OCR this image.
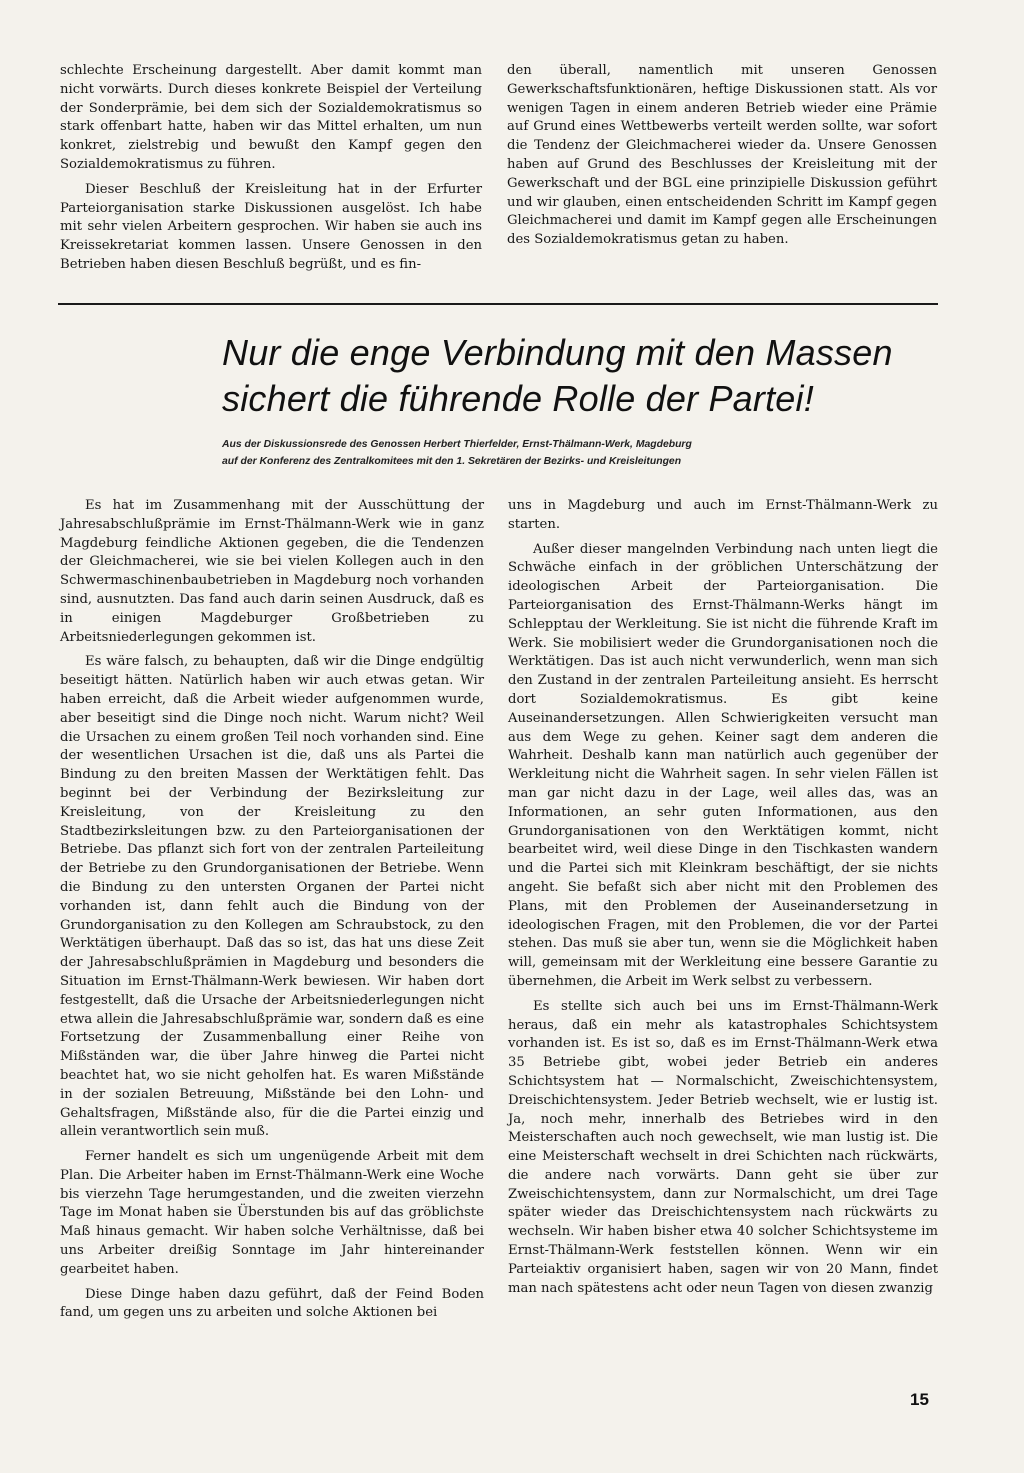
schlechte Erscheinung dargestellt. Aber damit kommt man nicht vorwärts. Durch dieses konkrete Beispiel der Verteilung der Sonderprämie, bei dem sich der Sozialdemokratismus so stark offenbart hatte, haben wir das Mittel erhalten, um nun konkret, zielstrebig und bewußt den Kampf gegen den Sozialdemokratismus zu führen.

Dieser Beschluß der Kreisleitung hat in der Erfurter Parteiorganisation starke Diskussionen ausgelöst. Ich habe mit sehr vielen Arbeitern gesprochen. Wir haben sie auch ins Kreissekretariat kommen lassen. Unsere Genossen in den Betrieben haben diesen Beschluß begrüßt, und es fin-

den überall, namentlich mit unseren Genossen Gewerkschaftsfunktionären, heftige Diskussionen statt. Als vor wenigen Tagen in einem anderen Betrieb wieder eine Prämie auf Grund eines Wettbewerbs verteilt werden sollte, war sofort die Tendenz der Gleichmacherei wieder da. Unsere Genossen haben auf Grund des Beschlusses der Kreisleitung mit der Gewerkschaft und der BGL eine prinzipielle Diskussion geführt und wir glauben, einen entscheidenden Schritt im Kampf gegen Gleichmacherei und damit im Kampf gegen alle Erscheinungen des Sozialdemokratismus getan zu haben.

Nur die enge Verbindung mit den Massen
sichert die führende Rolle der Partei!
Aus der Diskussionsrede des Genossen Herbert Thierfelder, Ernst-Thälmann-Werk, Magdeburg
auf der Konferenz des Zentralkomitees mit den 1. Sekretären der Bezirks- und Kreisleitungen

Es hat im Zusammenhang mit der Ausschüttung der Jahresabschlußprämie im Ernst-Thälmann-Werk wie in ganz Magdeburg feindliche Aktionen gegeben, die die Tendenzen der Gleichmacherei, wie sie bei vielen Kollegen auch in den Schwermaschinenbaubetrieben in Magdeburg noch vorhanden sind, ausnutzten. Das fand auch darin seinen Ausdruck, daß es in einigen Magdeburger Großbetrieben zu Arbeitsniederlegungen gekommen ist.

Es wäre falsch, zu behaupten, daß wir die Dinge endgültig beseitigt hätten. Natürlich haben wir auch etwas getan. Wir haben erreicht, daß die Arbeit wieder aufgenommen wurde, aber beseitigt sind die Dinge noch nicht. Warum nicht? Weil die Ursachen zu einem großen Teil noch vorhanden sind. Eine der wesentlichen Ursachen ist die, daß uns als Partei die Bindung zu den breiten Massen der Werktätigen fehlt. Das beginnt bei der Verbindung der Bezirksleitung zur Kreisleitung, von der Kreisleitung zu den Stadtbezirksleitungen bzw. zu den Parteiorganisationen der Betriebe. Das pflanzt sich fort von der zentralen Parteileitung der Betriebe zu den Grundorganisationen der Betriebe. Wenn die Bindung zu den untersten Organen der Partei nicht vorhanden ist, dann fehlt auch die Bindung von der Grundorganisation zu den Kollegen am Schraubstock, zu den Werktätigen überhaupt. Daß das so ist, das hat uns diese Zeit der Jahresabschlußprämien in Magdeburg und besonders die Situation im Ernst-Thälmann-Werk bewiesen. Wir haben dort festgestellt, daß die Ursache der Arbeitsniederlegungen nicht etwa allein die Jahresabschlußprämie war, sondern daß es eine Fortsetzung der Zusammenballung einer Reihe von Mißständen war, die über Jahre hinweg die Partei nicht beachtet hat, wo sie nicht geholfen hat. Es waren Mißstände in der sozialen Betreuung, Mißstände bei den Lohn- und Gehaltsfragen, Mißstände also, für die die Partei einzig und allein verantwortlich sein muß.

Ferner handelt es sich um ungenügende Arbeit mit dem Plan. Die Arbeiter haben im Ernst-Thälmann-Werk eine Woche bis vierzehn Tage herumgestanden, und die zweiten vierzehn Tage im Monat haben sie Überstunden bis auf das gröblichste Maß hinaus gemacht. Wir haben solche Verhältnisse, daß bei uns Arbeiter dreißig Sonntage im Jahr hintereinander gearbeitet haben.

Diese Dinge haben dazu geführt, daß der Feind Boden fand, um gegen uns zu arbeiten und solche Aktionen bei

uns in Magdeburg und auch im Ernst-Thälmann-Werk zu starten.

Außer dieser mangelnden Verbindung nach unten liegt die Schwäche einfach in der gröblichen Unterschätzung der ideologischen Arbeit der Parteiorganisation. Die Parteiorganisation des Ernst-Thälmann-Werks hängt im Schlepptau der Werkleitung. Sie ist nicht die führende Kraft im Werk. Sie mobilisiert weder die Grundorganisationen noch die Werktätigen. Das ist auch nicht verwunderlich, wenn man sich den Zustand in der zentralen Parteileitung ansieht. Es herrscht dort Sozialdemokratismus. Es gibt keine Auseinandersetzungen. Allen Schwierigkeiten versucht man aus dem Wege zu gehen. Keiner sagt dem anderen die Wahrheit. Deshalb kann man natürlich auch gegenüber der Werkleitung nicht die Wahrheit sagen. In sehr vielen Fällen ist man gar nicht dazu in der Lage, weil alles das, was an Informationen, an sehr guten Informationen, aus den Grundorganisationen von den Werktätigen kommt, nicht bearbeitet wird, weil diese Dinge in den Tischkasten wandern und die Partei sich mit Kleinkram beschäftigt, der sie nichts angeht. Sie befaßt sich aber nicht mit den Problemen des Plans, mit den Problemen der Auseinandersetzung in ideologischen Fragen, mit den Problemen, die vor der Partei stehen. Das muß sie aber tun, wenn sie die Möglichkeit haben will, gemeinsam mit der Werkleitung eine bessere Garantie zu übernehmen, die Arbeit im Werk selbst zu verbessern.

Es stellte sich auch bei uns im Ernst-Thälmann-Werk heraus, daß ein mehr als katastrophales Schichtsystem vorhanden ist. Es ist so, daß es im Ernst-Thälmann-Werk etwa 35 Betriebe gibt, wobei jeder Betrieb ein anderes Schichtsystem hat — Normalschicht, Zweischichtensystem, Dreischichtensystem. Jeder Betrieb wechselt, wie er lustig ist. Ja, noch mehr, innerhalb des Betriebes wird in den Meisterschaften auch noch gewechselt, wie man lustig ist. Die eine Meisterschaft wechselt in drei Schichten nach rückwärts, die andere nach vorwärts. Dann geht sie über zur Zweischichtensystem, dann zur Normalschicht, um drei Tage später wieder das Dreischichtensystem nach rückwärts zu wechseln. Wir haben bisher etwa 40 solcher Schichtsysteme im Ernst-Thälmann-Werk feststellen können. Wenn wir ein Parteiaktiv organisiert haben, sagen wir von 20 Mann, findet man nach spätestens acht oder neun Tagen von diesen zwanzig

15
